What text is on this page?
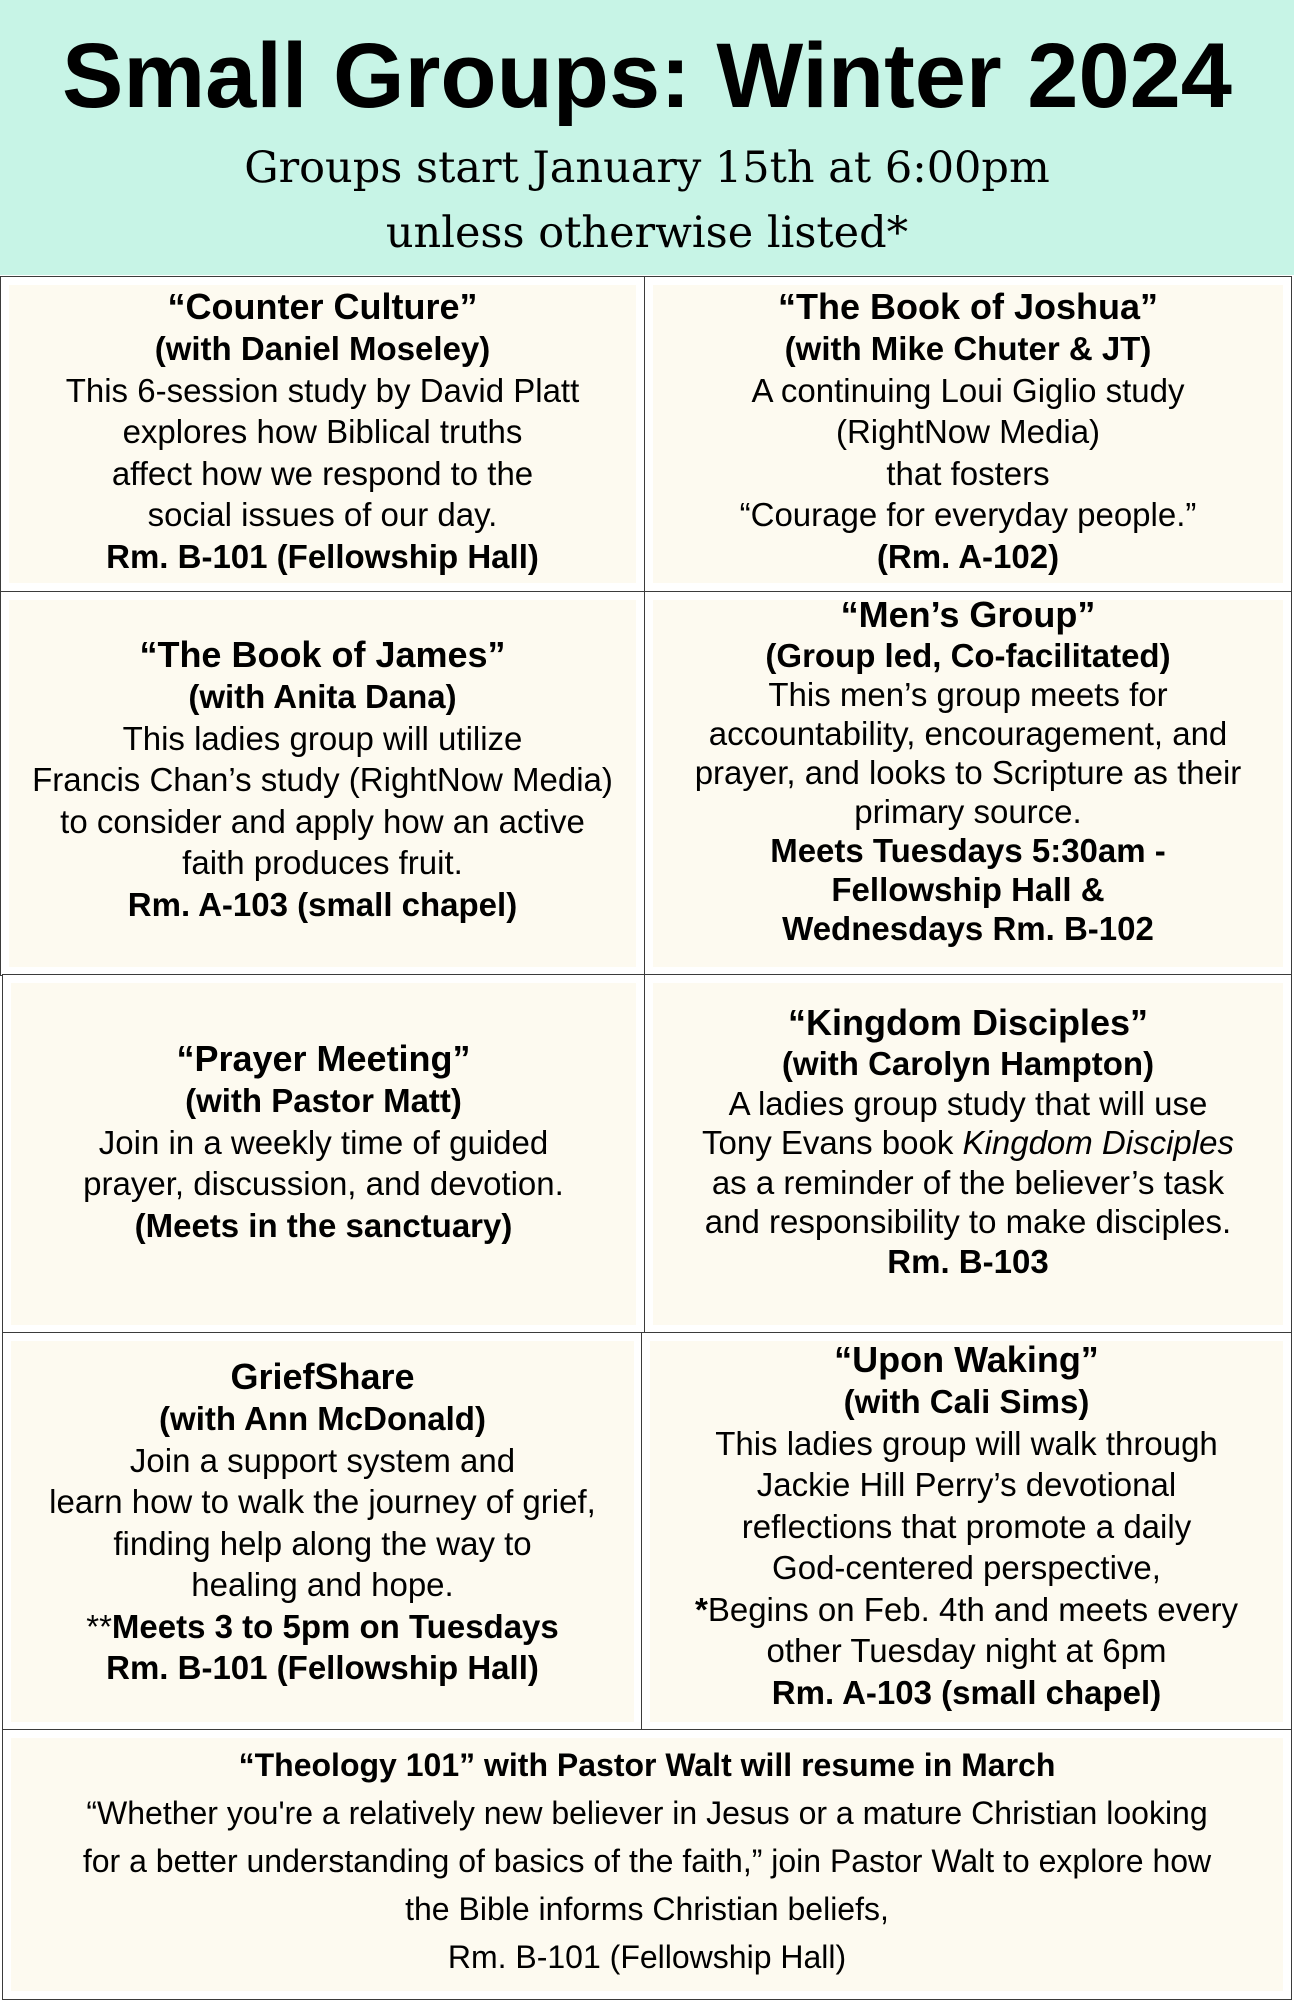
Small Groups: Winter 2024
Groups start January 15th at 6:00pm
unless otherwise listed*
“Counter Culture”
(with Daniel Moseley)
This 6-session study by David Platt
explores how Biblical truths
affect how we respond to the
social issues of our day.
Rm. B-101 (Fellowship Hall)
“The Book of Joshua”
(with Mike Chuter & JT)
A continuing Loui Giglio study
(RightNow Media)
that fosters
“Courage for everyday people.”
(Rm. A-102)
“The Book of James”
(with Anita Dana)
This ladies group will utilize
Francis Chan’s study (RightNow Media)
to consider and apply how an active
faith produces fruit.
Rm. A-103 (small chapel)
“Men’s Group”
(Group led, Co-facilitated)
This men’s group meets for
accountability, encouragement, and
prayer, and looks to Scripture as their
primary source.
Meets Tuesdays 5:30am -
Fellowship Hall &
Wednesdays Rm. B-102
“Prayer Meeting”
(with Pastor Matt)
Join in a weekly time of guided
prayer, discussion, and devotion.
(Meets in the sanctuary)
“Kingdom Disciples”
(with Carolyn Hampton)
A ladies group study that will use
Tony Evans book Kingdom Disciples
as a reminder of the believer’s task
and responsibility to make disciples.
Rm. B-103
GriefShare
(with Ann McDonald)
Join a support system and
learn how to walk the journey of grief,
finding help along the way to
healing and hope.
**Meets 3 to 5pm on Tuesdays
Rm. B-101 (Fellowship Hall)
“Upon Waking”
(with Cali Sims)
This ladies group will walk through
Jackie Hill Perry’s devotional
reflections that promote a daily
God-centered perspective,
*Begins on Feb. 4th and meets every
other Tuesday night at 6pm
Rm. A-103 (small chapel)
“Theology 101” with Pastor Walt will resume in March
“Whether you're a relatively new believer in Jesus or a mature Christian looking
for a better understanding of basics of the faith,” join Pastor Walt to explore how
the Bible informs Christian beliefs,
Rm. B-101 (Fellowship Hall)
